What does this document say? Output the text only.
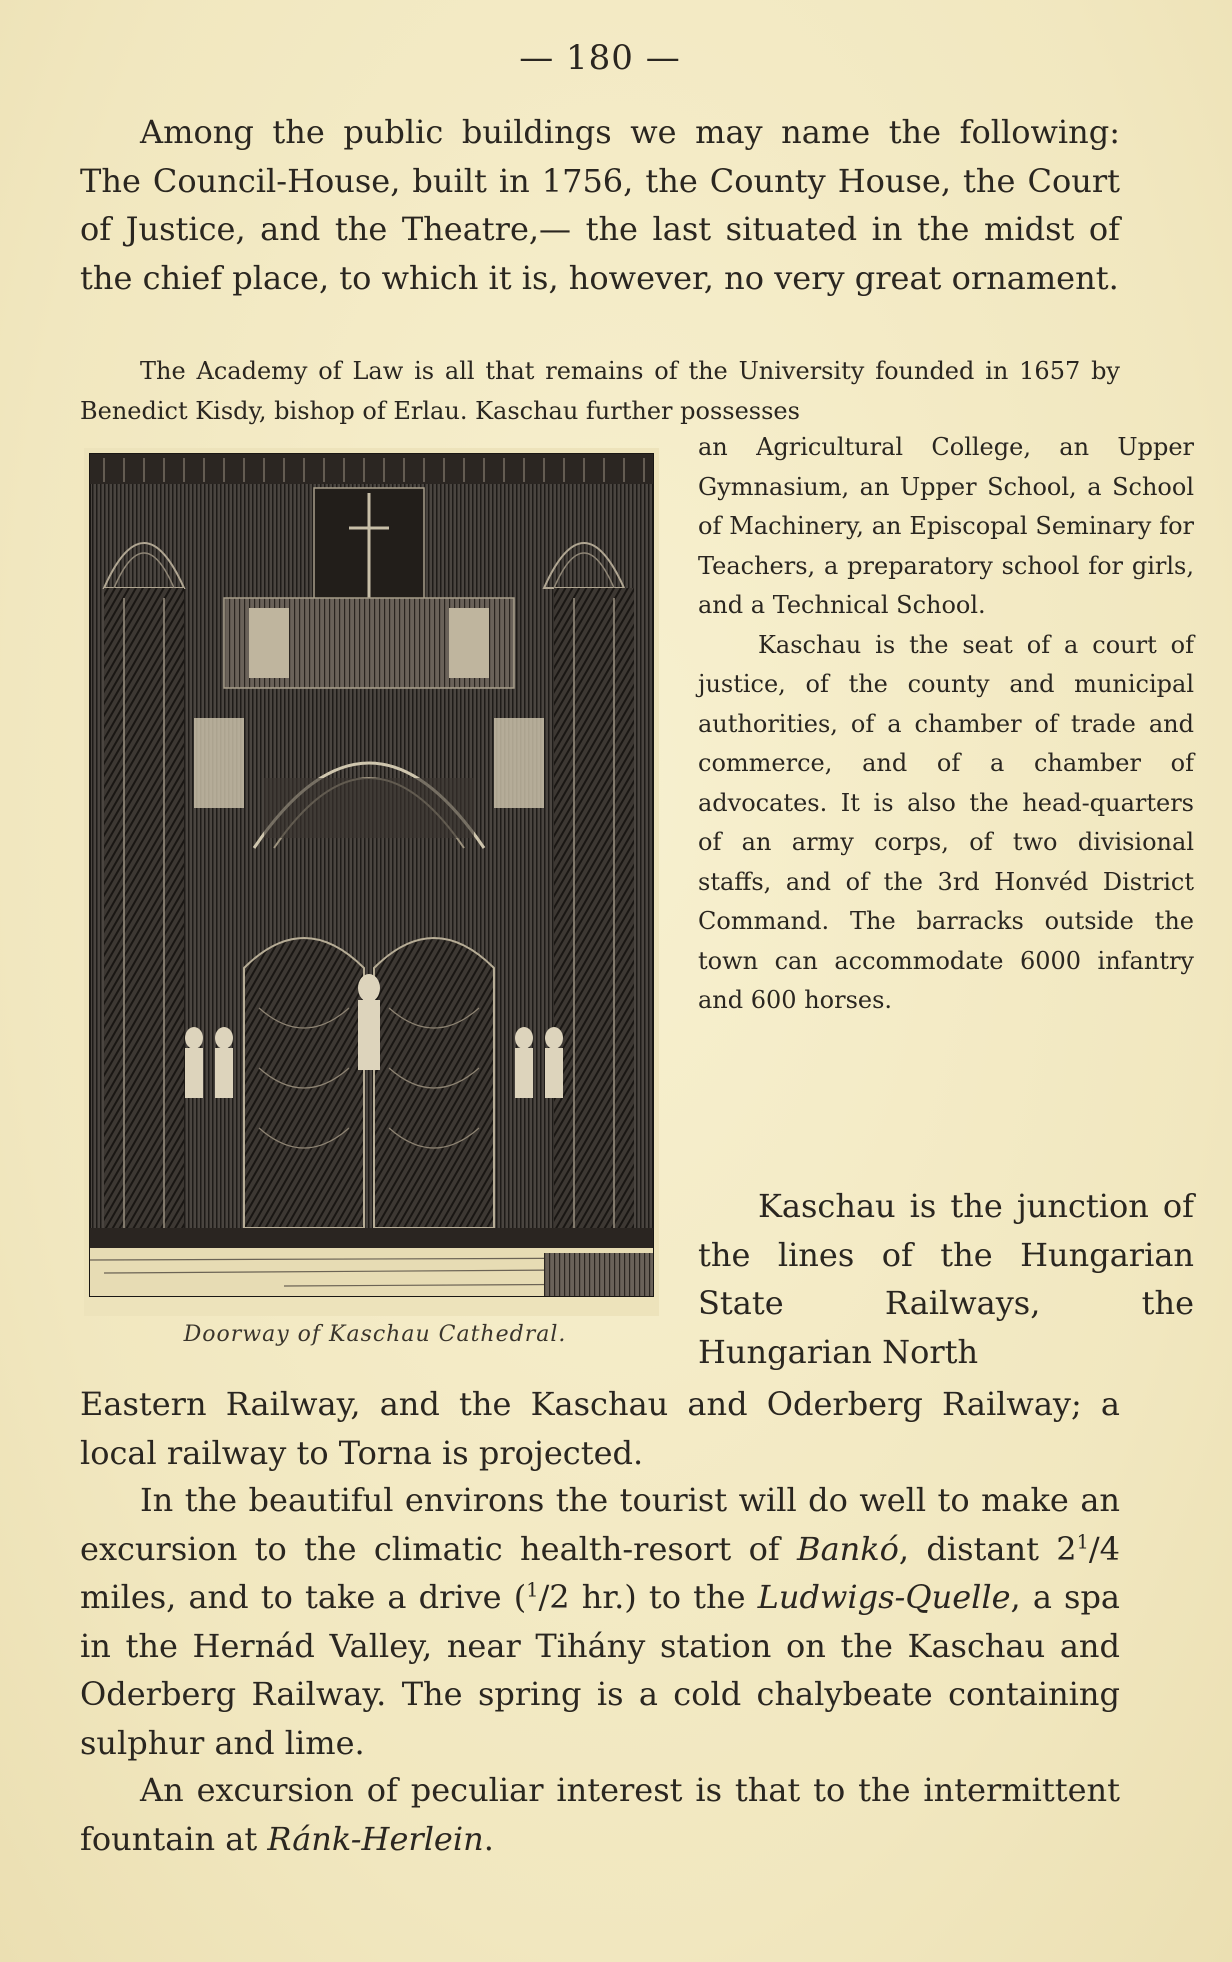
— 180 —

Among the public buildings we may name the following: The Council-House, built in 1756, the County House, the Court of Justice, and the Theatre,— the last situated in the midst of the chief place, to which it is, however, no very great ornament.

The Academy of Law is all that remains of the University founded in 1657 by Benedict Kisdy, bishop of Erlau. Kaschau further possesses

Doorway of Kaschau Cathedral.

an Agricultural College, an Upper Gymnasium, an Upper School, a School of Machinery, an Episcopal Seminary for Teachers, a preparatory school for girls, and a Technical School.

Kaschau is the seat of a court of justice, of the county and municipal authorities, of a chamber of trade and commerce, and of a chamber of advocates. It is also the head-quarters of an army corps, of two divisional staffs, and of the 3rd Honvéd District Command. The barracks outside the town can accommodate 6000 infantry and 600 horses.

Kaschau is the junction of the lines of the Hungarian State Railways, the Hungarian North

Eastern Railway, and the Kaschau and Oderberg Railway; a local railway to Torna is projected.

In the beautiful environs the tourist will do well to make an excursion to the climatic health-resort of Bankó, distant $2^1/4$ miles, and to take a drive ($^1$/2 hr.) to the Ludwigs-Quelle, a spa in the Hernád Valley, near Tihány station on the Kaschau and Oderberg Railway. The spring is a cold chalybeate containing sulphur and lime.

An excursion of peculiar interest is that to the intermittent fountain at Ránk-Herlein.
